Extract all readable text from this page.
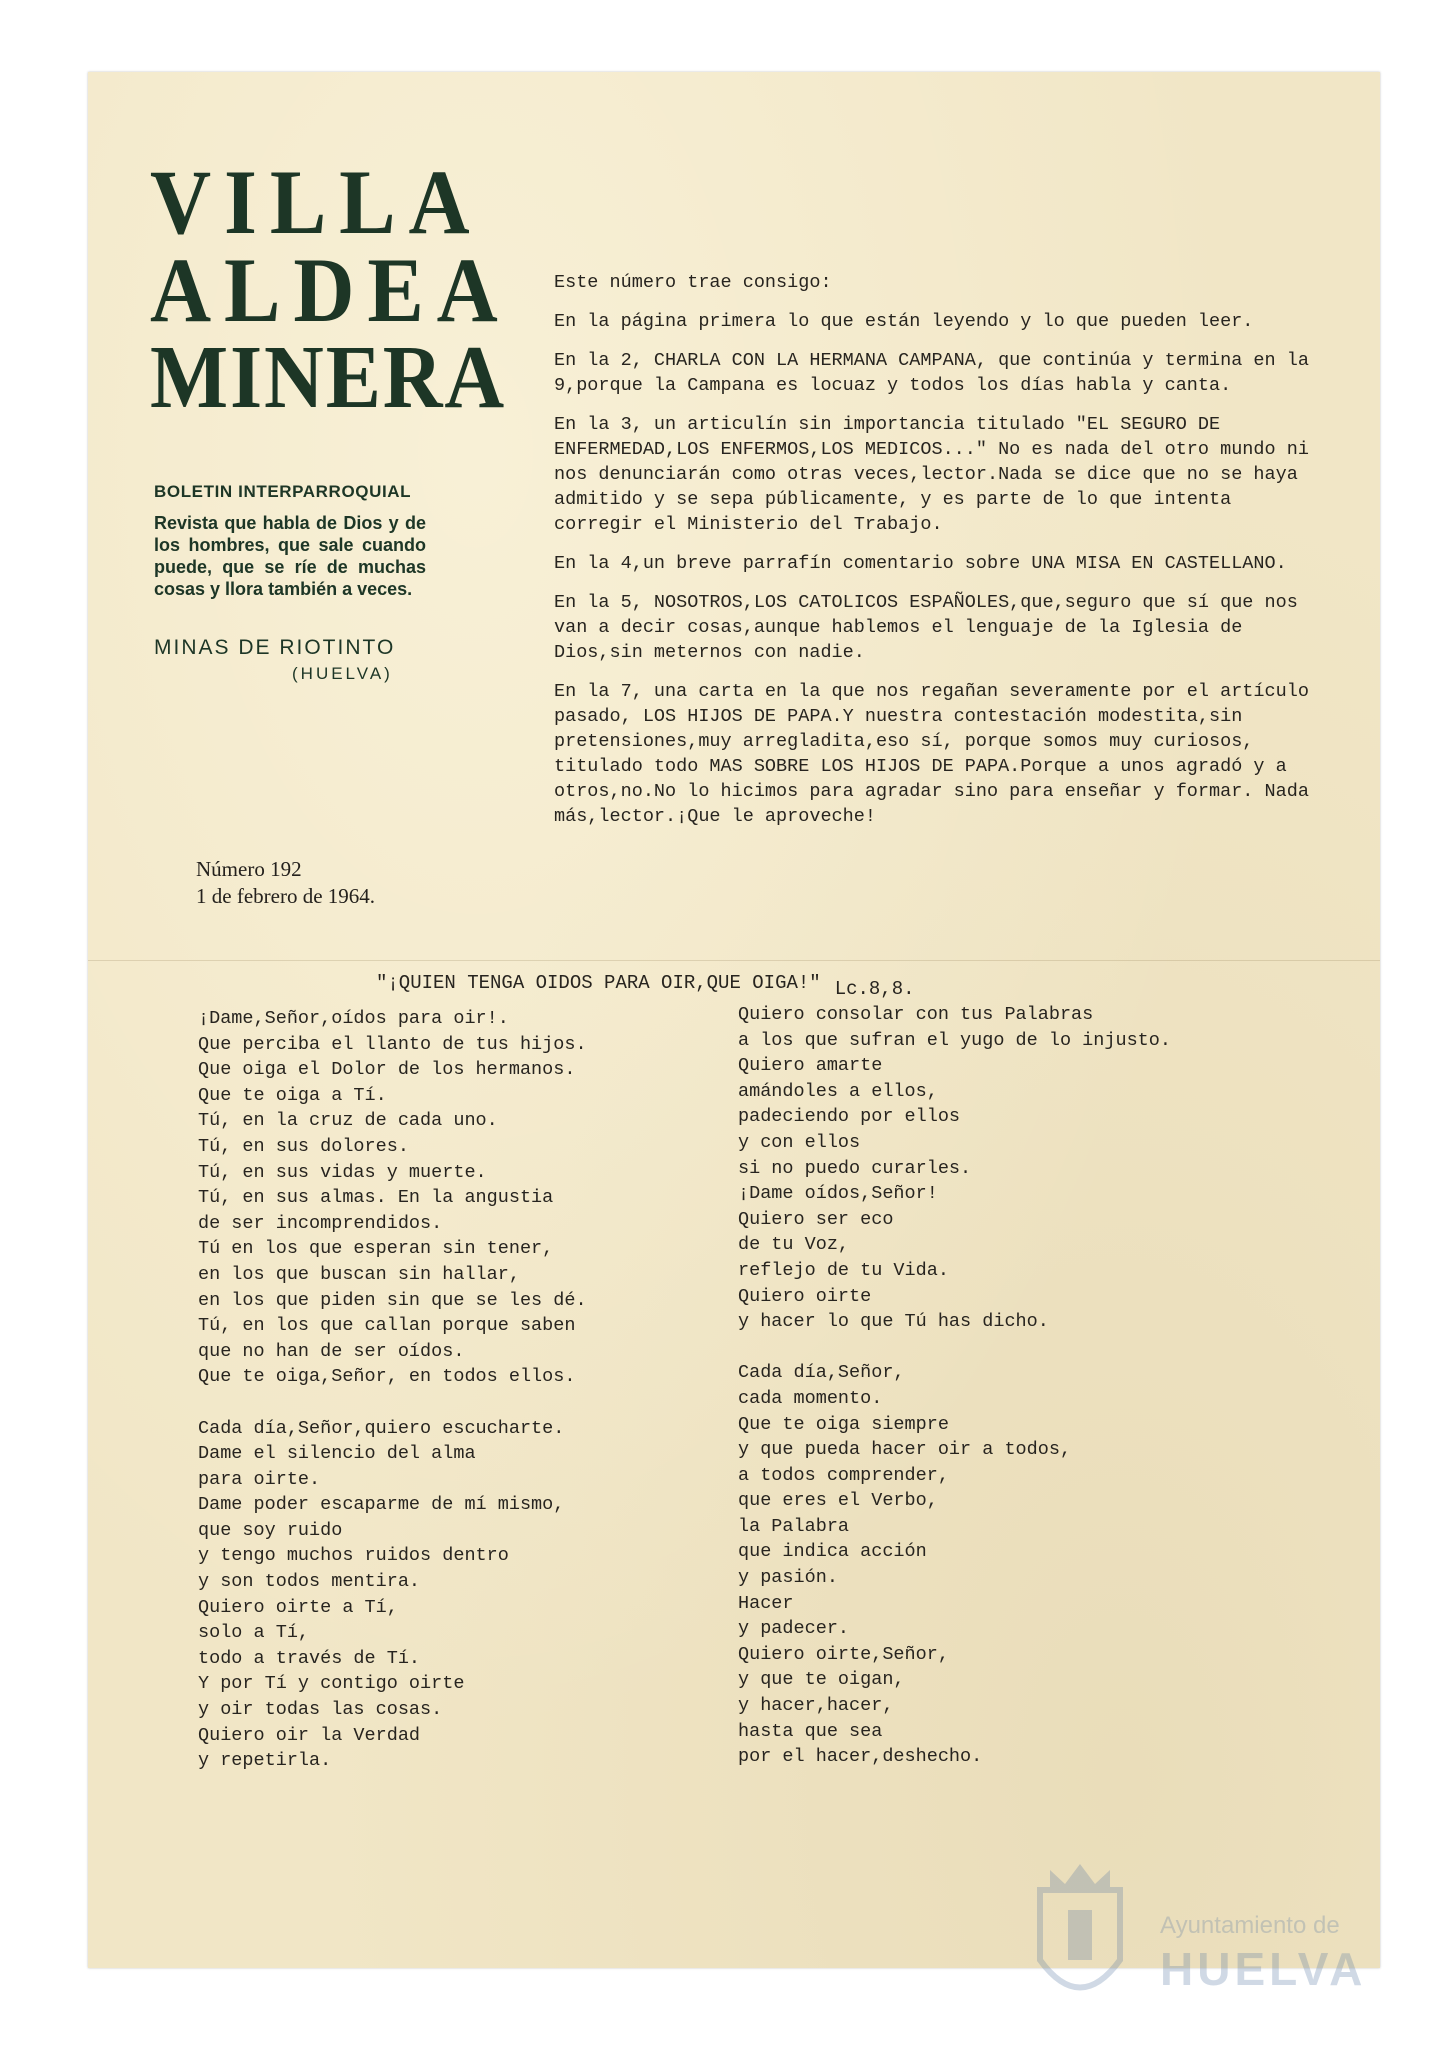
VILLA
ALDEA
MINERA
BOLETIN INTERPARROQUIAL
Revista que habla de Dios y de los hombres, que sale cuando puede, que se ríe de muchas cosas y llora también a veces.
MINAS DE RIOTINTO
(HUELVA)
Número 192
1 de febrero de 1964.

Este número trae consigo:

En la página primera lo que están leyendo y lo que pueden leer.

En la 2, CHARLA CON LA HERMANA CAMPANA, que continúa y termina en la 9,porque la Campana es locuaz y todos los días habla y canta.

En la 3, un articulín sin importancia titulado "EL SEGURO DE ENFERMEDAD,LOS ENFERMOS,LOS MEDICOS..." No es nada del otro mundo ni nos denunciarán como otras veces,lector.Nada se dice que no se haya admitido y se sepa públicamente, y es parte de lo que intenta corregir el Ministerio del Trabajo.

En la 4,un breve parrafín comentario sobre UNA MISA EN CASTELLANO.

En la 5, NOSOTROS,LOS CATOLICOS ESPAÑOLES,que,seguro que sí que nos van a decir cosas,aunque hablemos el lenguaje de la Iglesia de Dios,sin meternos con nadie.

En la 7, una carta en la que nos regañan severamente por el artículo pasado, LOS HIJOS DE PAPA.Y nuestra contestación modestita,sin pretensiones,muy arregladita,eso sí, porque somos muy curiosos, titulado todo MAS SOBRE LOS HIJOS DE PAPA.Porque a unos agradó y a otros,no.No lo hicimos para agradar sino para enseñar y formar. Nada más,lector.¡Que le aproveche!

"¡QUIEN TENGA OIDOS PARA OIR,QUE OIGA!" Lc.8,8.
¡Dame,Señor,oídos para oir!.
Que perciba el llanto de tus hijos.
Que oiga el Dolor de los hermanos.
Que te oiga a Tí.
Tú, en la cruz de cada uno.
Tú, en sus dolores.
Tú, en sus vidas y muerte.
Tú, en sus almas. En la angustia
de ser incomprendidos.
Tú en los que esperan sin tener,
en los que buscan sin hallar,
en los que piden sin que se les dé.
Tú, en los que callan porque saben
que no han de ser oídos.
Que te oiga,Señor, en todos ellos.
Cada día,Señor,quiero escucharte.
Dame el silencio del alma
para oirte.
Dame poder escaparme de mí mismo,
que soy ruido
y tengo muchos ruidos dentro
y son todos mentira.
Quiero oirte a Tí,
solo a Tí,
todo a través de Tí.
Y por Tí y contigo oirte
y oir todas las cosas.
Quiero oir la Verdad
y repetirla.
Quiero consolar con tus Palabras
a los que sufran el yugo de lo injusto.
Quiero amarte
amándoles a ellos,
padeciendo por ellos
y con ellos
si no puedo curarles.
¡Dame oídos,Señor!
Quiero ser eco
de tu Voz,
reflejo de tu Vida.
Quiero oirte
y hacer lo que Tú has dicho.
Cada día,Señor,
cada momento.
Que te oiga siempre
y que pueda hacer oir a todos,
a todos comprender,
que eres el Verbo,
la Palabra
que indica acción
y pasión.
Hacer
y padecer.
Quiero oirte,Señor,
y que te oigan,
y hacer,hacer,
hasta que sea
por el hacer,deshecho.
Ayuntamiento de
HUELVA
